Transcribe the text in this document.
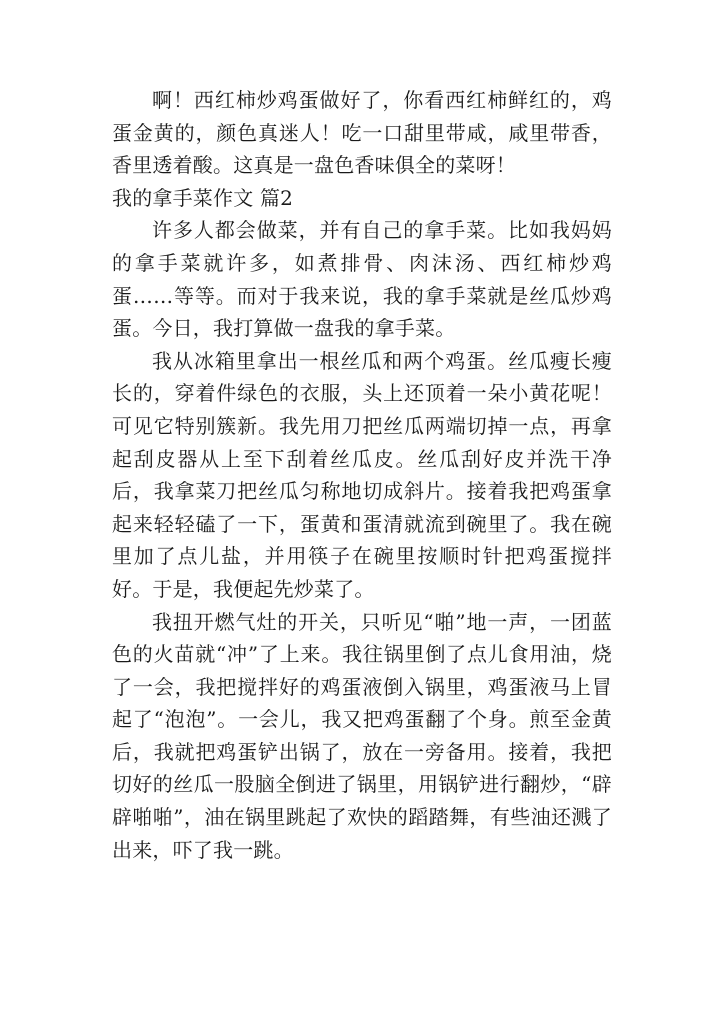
啊！西红柿炒鸡蛋做好了，你看西红柿鲜红的，鸡蛋金黄的，颜色真迷人！吃一口甜里带咸，咸里带香，香里透着酸。这真是一盘色香味俱全的菜呀！

我的拿手菜作文 篇2

许多人都会做菜，并有自己的拿手菜。比如我妈妈的拿手菜就许多，如煮排骨、肉沫汤、西红柿炒鸡蛋……等等。而对于我来说，我的拿手菜就是丝瓜炒鸡蛋。今日，我打算做一盘我的拿手菜。

我从冰箱里拿出一根丝瓜和两个鸡蛋。丝瓜瘦长瘦长的，穿着件绿色的衣服，头上还顶着一朵小黄花呢！可见它特别簇新。我先用刀把丝瓜两端切掉一点，再拿起刮皮器从上至下刮着丝瓜皮。丝瓜刮好皮并洗干净后，我拿菜刀把丝瓜匀称地切成斜片。接着我把鸡蛋拿起来轻轻磕了一下，蛋黄和蛋清就流到碗里了。我在碗里加了点儿盐，并用筷子在碗里按顺时针把鸡蛋搅拌好。于是，我便起先炒菜了。

我扭开燃气灶的开关，只听见“啪”地一声，一团蓝色的火苗就“冲”了上来。我往锅里倒了点儿食用油，烧了一会，我把搅拌好的鸡蛋液倒入锅里，鸡蛋液马上冒起了“泡泡”。一会儿，我又把鸡蛋翻了个身。煎至金黄后，我就把鸡蛋铲出锅了，放在一旁备用。接着，我把切好的丝瓜一股脑全倒进了锅里，用锅铲进行翻炒，“辟辟啪啪”，油在锅里跳起了欢快的蹈踏舞，有些油还溅了出来，吓了我一跳。
